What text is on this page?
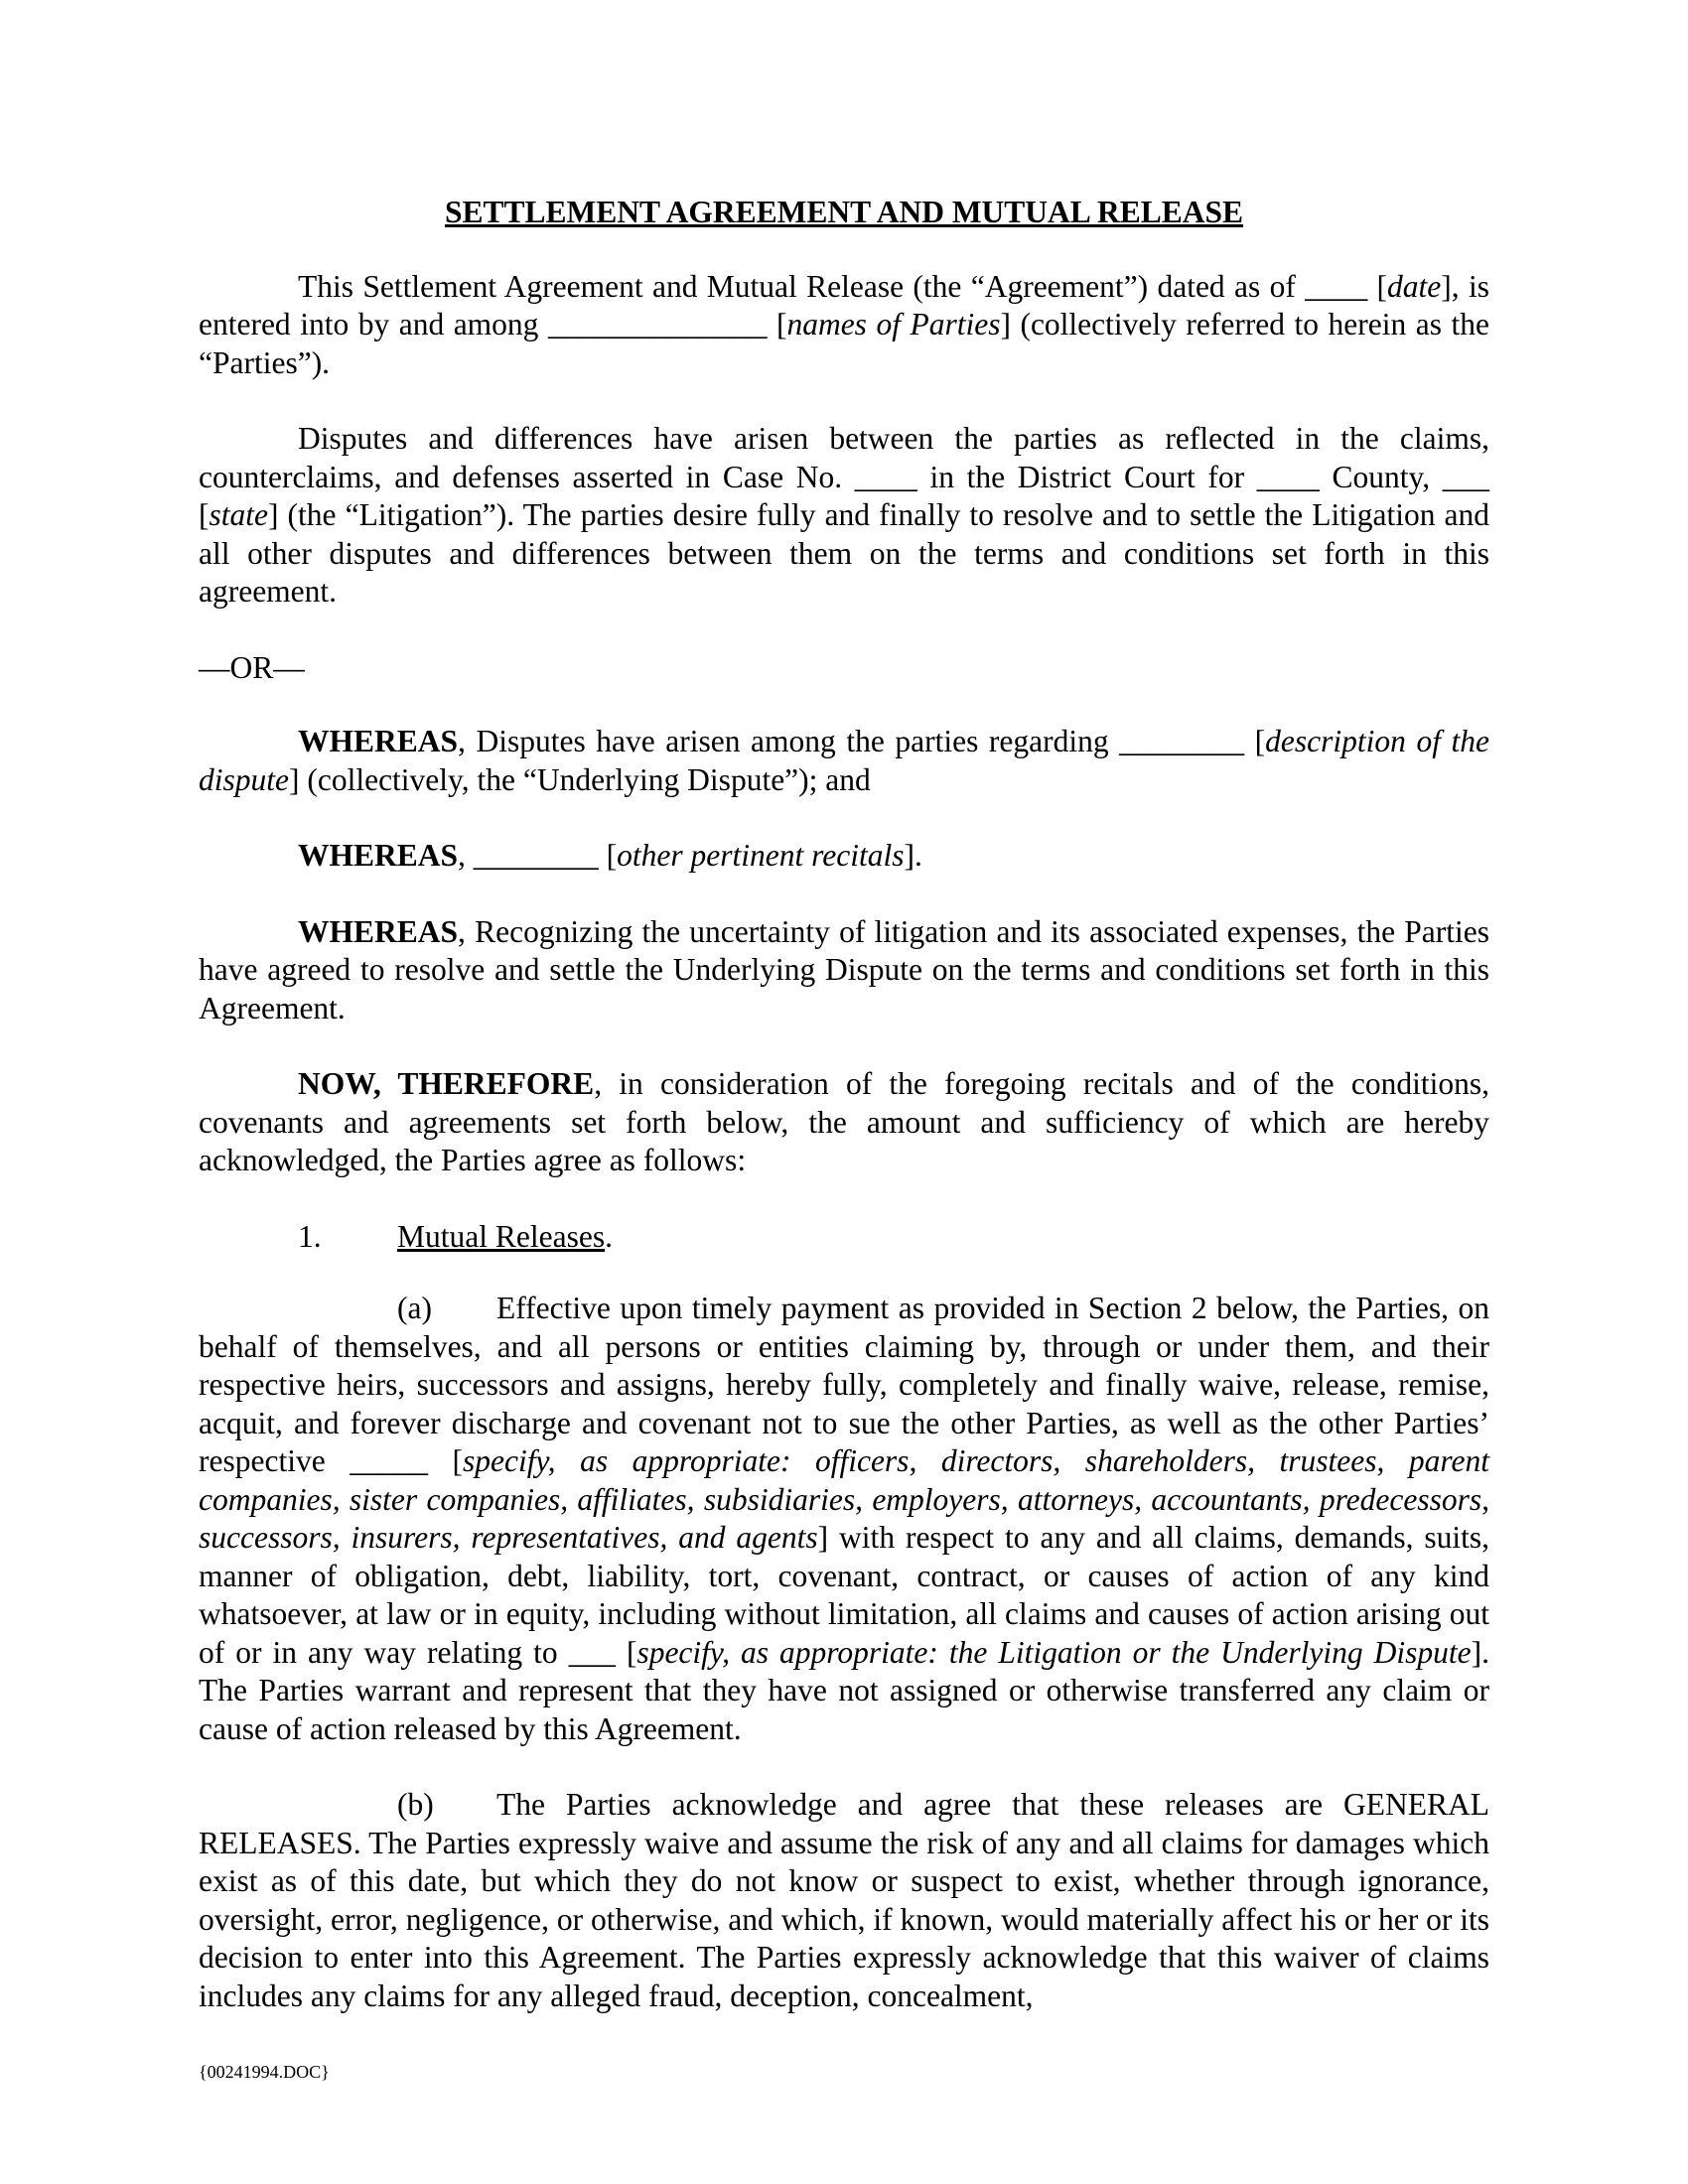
SETTLEMENT AGREEMENT AND MUTUAL RELEASE

This Settlement Agreement and Mutual Release (the “Agreement”) dated as of ____ [date], is entered into by and among ______________ [names of Parties] (collectively referred to herein as the “Parties”).

Disputes and differences have arisen between the parties as reflected in the claims, counterclaims, and defenses asserted in Case No. ____ in the District Court for ____ County, ___ [state] (the “Litigation”). The parties desire fully and finally to resolve and to settle the Litigation and all other disputes and differences between them on the terms and conditions set forth in this agreement.

—OR—

WHEREAS, Disputes have arisen among the parties regarding ________ [description of the dispute] (collectively, the “Underlying Dispute”); and

WHEREAS, ________ [other pertinent recitals].

WHEREAS, Recognizing the uncertainty of litigation and its associated expenses, the Parties have agreed to resolve and settle the Underlying Dispute on the terms and conditions set forth in this Agreement.

NOW, THEREFORE, in consideration of the foregoing recitals and of the conditions, covenants and agreements set forth below, the amount and sufficiency of which are hereby acknowledged, the Parties agree as follows:

1. Mutual Releases.

(a) Effective upon timely payment as provided in Section 2 below, the Parties, on behalf of themselves, and all persons or entities claiming by, through or under them, and their respective heirs, successors and assigns, hereby fully, completely and finally waive, release, remise, acquit, and forever discharge and covenant not to sue the other Parties, as well as the other Parties’ respective _____ [specify, as appropriate: officers, directors, shareholders, trustees, parent companies, sister companies, affiliates, subsidiaries, employers, attorneys, accountants, predecessors, successors, insurers, representatives, and agents] with respect to any and all claims, demands, suits, manner of obligation, debt, liability, tort, covenant, contract, or causes of action of any kind whatsoever, at law or in equity, including without limitation, all claims and causes of action arising out of or in any way relating to ___ [specify, as appropriate: the Litigation or the Underlying Dispute]. The Parties warrant and represent that they have not assigned or otherwise transferred any claim or cause of action released by this Agreement.

(b) The Parties acknowledge and agree that these releases are GENERAL RELEASES. The Parties expressly waive and assume the risk of any and all claims for damages which exist as of this date, but which they do not know or suspect to exist, whether through ignorance, oversight, error, negligence, or otherwise, and which, if known, would materially affect his or her or its decision to enter into this Agreement. The Parties expressly acknowledge that this waiver of claims includes any claims for any alleged fraud, deception, concealment,

{00241994.DOC}
